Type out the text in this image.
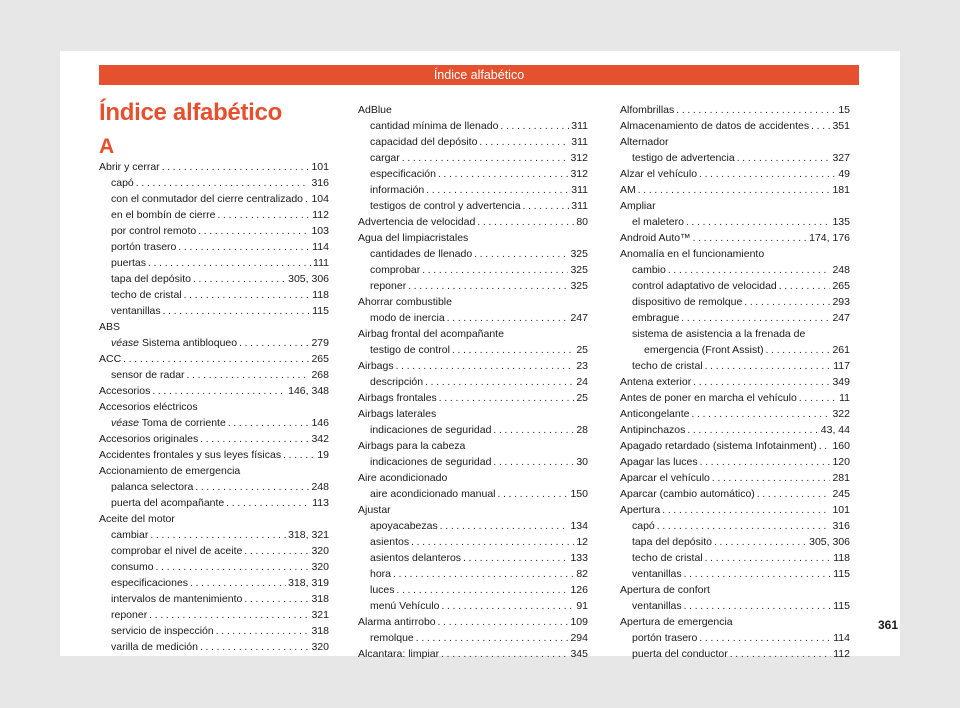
Índice alfabético
Índice alfabético
A
Abrir y cerrar . . .	101
capó . . .	316
con el conmutador del cierre centralizado . . . 104
en el bombín de cierre . . .	112
por control remoto . . .	103
portón trasero . . .	114
puertas . . .	111
tapa del depósito . . .	305, 306
techo de cristal . . .	118
ventanillas . . .	115
ABS
véase Sistema antibloqueo . . .	279
ACC . . .	265
sensor de radar . . .	268
Accesorios . . .	146, 348
Accesorios eléctricos
véase Toma de corriente . . .	146
Accesorios originales . . .	342
Accidentes frontales y sus leyes físicas . . .	19
Accionamiento de emergencia
palanca selectora . . .	248
puerta del acompañante . . .	113
Aceite del motor
cambiar . . .	318, 321
comprobar el nivel de aceite . . .	320
consumo . . .	320
especificaciones . . .	318, 319
intervalos de mantenimiento . . .	318
reponer . . .	321
servicio de inspección . . .	318
varilla de medición . . .	320
AdBlue
cantidad mínima de llenado . . .	311
capacidad del depósito . . .	311
cargar . . .	312
especificación . . .	312
información . . .	311
testigos de control y advertencia . . .	311
Advertencia de velocidad . . .	80
Agua del limpiacristales
cantidades de llenado . . .	325
comprobar . . .	325
reponer . . .	325
Ahorrar combustible
modo de inercia . . .	247
Airbag frontal del acompañante
testigo de control . . .	25
Airbags . . .	23
descripción . . .	24
Airbags frontales . . .	25
Airbags laterales
indicaciones de seguridad . . .	28
Airbags para la cabeza
indicaciones de seguridad . . .	30
Aire acondicionado
aire acondicionado manual . . .	150
Ajustar
apoyacabezas . . .	134
asientos . . .	12
asientos delanteros . . .	133
hora . . .	82
luces . . .	126
menú Vehículo . . .	91
Alarma antirrobo . . .	109
remolque . . .	294
Alcantara: limpiar . . .	345
Alfombrillas . . .	15
Almacenamiento de datos de accidentes . . . 351
Alternador
testigo de advertencia . . .	327
Alzar el vehículo . . .	49
AM . . .	181
Ampliar
el maletero . . .	135
Android Auto™ . . .	174, 176
Anomalía en el funcionamiento
cambio . . .	248
control adaptativo de velocidad . . .	265
dispositivo de remolque . . .	293
embrague . . .	247
sistema de asistencia a la frenada de
emergencia (Front Assist) . . .	261
techo de cristal . . .	117
Antena exterior . . .	349
Antes de poner en marcha el vehículo . . .	11
Anticongelante . . .	322
Antipinchazos . . .	43, 44
Apagado retardado (sistema Infotainment) . . . 160
Apagar las luces . . .	120
Aparcar el vehículo . . .	281
Aparcar (cambio automático) . . .	245
Apertura . . .	101
capó . . .	316
tapa del depósito . . .	305, 306
techo de cristal . . .	118
ventanillas . . .	115
Apertura de confort
ventanillas . . .	115
Apertura de emergencia
portón trasero . . .	114
puerta del conductor . . .	112
361
